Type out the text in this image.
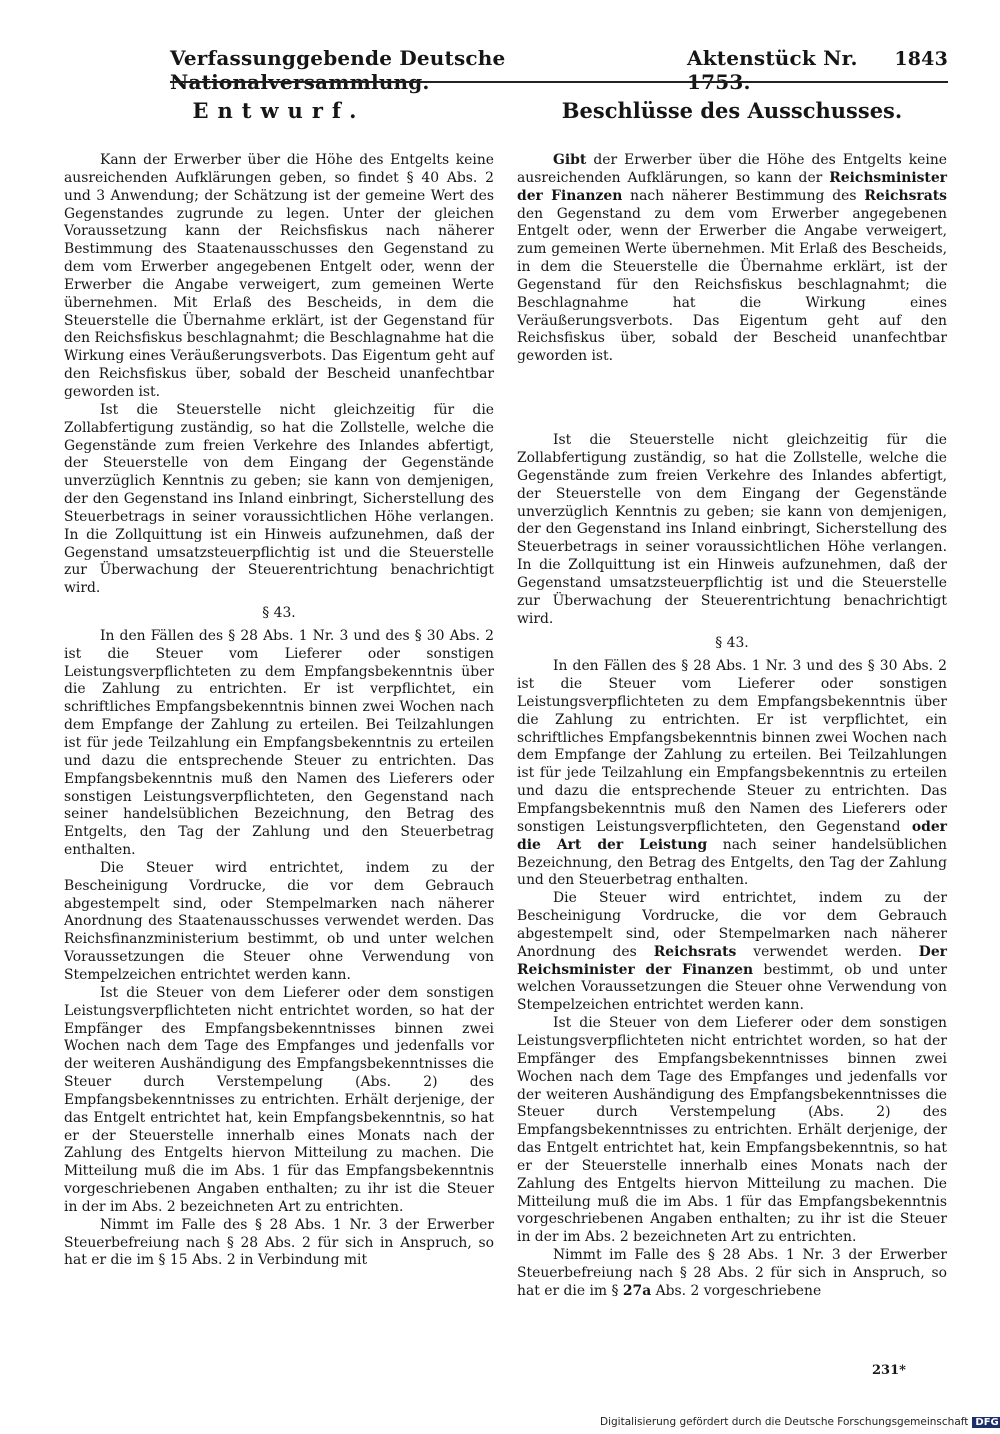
Verfassunggebende Deutsche Nationalversammlung.
Aktenstück Nr. 1753.
1843
Entwurf.

Kann der Erwerber über die Höhe des Entgelts keine ausreichenden Aufklärungen geben, so findet § 40 Abs. 2 und 3 Anwendung; der Schätzung ist der gemeine Wert des Gegenstandes zugrunde zu legen. Unter der gleichen Voraussetzung kann der Reichsfiskus nach näherer Bestimmung des Staatenausschusses den Gegenstand zu dem vom Erwerber angegebenen Entgelt oder, wenn der Erwerber die Angabe verweigert, zum gemeinen Werte übernehmen. Mit Erlaß des Bescheids, in dem die Steuerstelle die Übernahme erklärt, ist der Gegenstand für den Reichsfiskus beschlagnahmt; die Beschlagnahme hat die Wirkung eines Veräußerungsverbots. Das Eigentum geht auf den Reichsfiskus über, sobald der Bescheid unanfechtbar geworden ist.

Ist die Steuerstelle nicht gleichzeitig für die Zollabfertigung zuständig, so hat die Zollstelle, welche die Gegenstände zum freien Verkehre des Inlandes abfertigt, der Steuerstelle von dem Eingang der Gegenstände unverzüglich Kenntnis zu geben; sie kann von demjenigen, der den Gegenstand ins Inland einbringt, Sicherstellung des Steuerbetrags in seiner voraussichtlichen Höhe verlangen. In die Zollquittung ist ein Hinweis aufzunehmen, daß der Gegenstand umsatzsteuerpflichtig ist und die Steuerstelle zur Überwachung der Steuerentrichtung benachrichtigt wird.

§ 43.

In den Fällen des § 28 Abs. 1 Nr. 3 und des § 30 Abs. 2 ist die Steuer vom Lieferer oder sonstigen Leistungsverpflichteten zu dem Empfangsbekenntnis über die Zahlung zu entrichten. Er ist verpflichtet, ein schriftliches Empfangsbekenntnis binnen zwei Wochen nach dem Empfange der Zahlung zu erteilen. Bei Teilzahlungen ist für jede Teilzahlung ein Empfangsbekenntnis zu erteilen und dazu die entsprechende Steuer zu entrichten. Das Empfangsbekenntnis muß den Namen des Lieferers oder sonstigen Leistungsverpflichteten, den Gegenstand nach seiner handelsüblichen Bezeichnung, den Betrag des Entgelts, den Tag der Zahlung und den Steuerbetrag enthalten.

Die Steuer wird entrichtet, indem zu der Bescheinigung Vordrucke, die vor dem Gebrauch abgestempelt sind, oder Stempelmarken nach näherer Anordnung des Staatenausschusses verwendet werden. Das Reichsfinanzministerium bestimmt, ob und unter welchen Voraussetzungen die Steuer ohne Verwendung von Stempelzeichen entrichtet werden kann.

Ist die Steuer von dem Lieferer oder dem sonstigen Leistungsverpflichteten nicht entrichtet worden, so hat der Empfänger des Empfangsbekenntnisses binnen zwei Wochen nach dem Tage des Empfanges und jedenfalls vor der weiteren Aushändigung des Empfangsbekenntnisses die Steuer durch Verstempelung (Abs. 2) des Empfangsbekenntnisses zu entrichten. Erhält derjenige, der das Entgelt entrichtet hat, kein Empfangsbekenntnis, so hat er der Steuerstelle innerhalb eines Monats nach der Zahlung des Entgelts hiervon Mitteilung zu machen. Die Mitteilung muß die im Abs. 1 für das Empfangsbekenntnis vorgeschriebenen Angaben enthalten; zu ihr ist die Steuer in der im Abs. 2 bezeichneten Art zu entrichten.

Nimmt im Falle des § 28 Abs. 1 Nr. 3 der Erwerber Steuerbefreiung nach § 28 Abs. 2 für sich in Anspruch, so hat er die im § 15 Abs. 2 in Verbindung mit

Beschlüsse des Ausschusses.

Gibt der Erwerber über die Höhe des Entgelts keine ausreichenden Aufklärungen, so kann der Reichsminister der Finanzen nach näherer Bestimmung des Reichsrats den Gegenstand zu dem vom Erwerber angegebenen Entgelt oder, wenn der Erwerber die Angabe verweigert, zum gemeinen Werte übernehmen. Mit Erlaß des Bescheids, in dem die Steuerstelle die Übernahme erklärt, ist der Gegenstand für den Reichsfiskus beschlagnahmt; die Beschlagnahme hat die Wirkung eines Veräußerungsverbots. Das Eigentum geht auf den Reichsfiskus über, sobald der Bescheid unanfechtbar geworden ist.

Ist die Steuerstelle nicht gleichzeitig für die Zollabfertigung zuständig, so hat die Zollstelle, welche die Gegenstände zum freien Verkehre des Inlandes abfertigt, der Steuerstelle von dem Eingang der Gegenstände unverzüglich Kenntnis zu geben; sie kann von demjenigen, der den Gegenstand ins Inland einbringt, Sicherstellung des Steuerbetrags in seiner voraussichtlichen Höhe verlangen. In die Zollquittung ist ein Hinweis aufzunehmen, daß der Gegenstand umsatzsteuerpflichtig ist und die Steuerstelle zur Überwachung der Steuerentrichtung benachrichtigt wird.

§ 43.

In den Fällen des § 28 Abs. 1 Nr. 3 und des § 30 Abs. 2 ist die Steuer vom Lieferer oder sonstigen Leistungsverpflichteten zu dem Empfangsbekenntnis über die Zahlung zu entrichten. Er ist verpflichtet, ein schriftliches Empfangsbekenntnis binnen zwei Wochen nach dem Empfange der Zahlung zu erteilen. Bei Teilzahlungen ist für jede Teilzahlung ein Empfangsbekenntnis zu erteilen und dazu die entsprechende Steuer zu entrichten. Das Empfangsbekenntnis muß den Namen des Lieferers oder sonstigen Leistungsverpflichteten, den Gegenstand oder die Art der Leistung nach seiner handelsüblichen Bezeichnung, den Betrag des Entgelts, den Tag der Zahlung und den Steuerbetrag enthalten.

Die Steuer wird entrichtet, indem zu der Bescheinigung Vordrucke, die vor dem Gebrauch abgestempelt sind, oder Stempelmarken nach näherer Anordnung des Reichsrats verwendet werden. Der Reichsminister der Finanzen bestimmt, ob und unter welchen Voraussetzungen die Steuer ohne Verwendung von Stempelzeichen entrichtet werden kann.

Ist die Steuer von dem Lieferer oder dem sonstigen Leistungsverpflichteten nicht entrichtet worden, so hat der Empfänger des Empfangsbekenntnisses binnen zwei Wochen nach dem Tage des Empfanges und jedenfalls vor der weiteren Aushändigung des Empfangsbekenntnisses die Steuer durch Verstempelung (Abs. 2) des Empfangsbekenntnisses zu entrichten. Erhält derjenige, der das Entgelt entrichtet hat, kein Empfangsbekenntnis, so hat er der Steuerstelle innerhalb eines Monats nach der Zahlung des Entgelts hiervon Mitteilung zu machen. Die Mitteilung muß die im Abs. 1 für das Empfangsbekenntnis vorgeschriebenen Angaben enthalten; zu ihr ist die Steuer in der im Abs. 2 bezeichneten Art zu entrichten.

Nimmt im Falle des § 28 Abs. 1 Nr. 3 der Erwerber Steuerbefreiung nach § 28 Abs. 2 für sich in Anspruch, so hat er die im § 27a Abs. 2 vorgeschriebene

231*
Digitalisierung gefördert durch die Deutsche Forschungsgemeinschaft DFG
